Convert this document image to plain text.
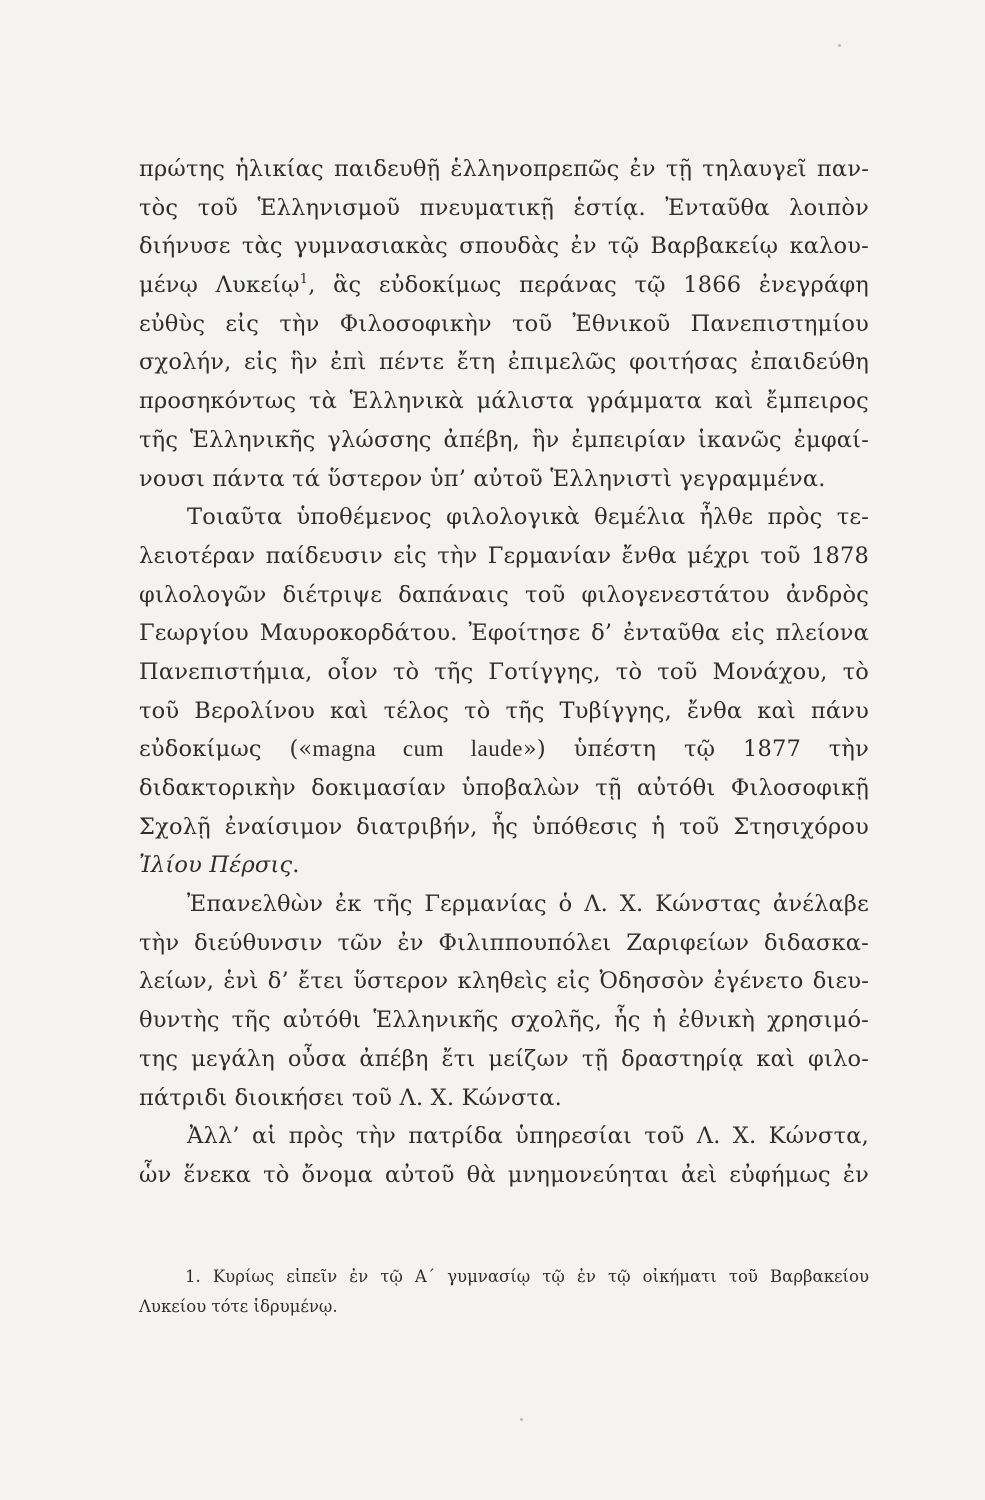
πρώτης ἡλικίας παιδευθῇ ἑλληνοπρεπῶς ἐν τῇ τηλαυγεῖ παν-
τὸς τοῦ Ἑλληνισμοῦ πνευματικῇ ἑστίᾳ. Ἐνταῦθα λοιπὸν
διήνυσε τὰς γυμνασιακὰς σπουδὰς ἐν τῷ Βαρβακείῳ καλου-
μένῳ Λυκείῳ$^1$, ἃς εὐδοκίμως περάνας τῷ 1866 ἐνεγράφη
εὐθὺς εἰς τὴν Φιλοσοφικὴν τοῦ Ἐθνικοῦ Πανεπιστημίου
σχολήν, εἰς ἣν ἐπὶ πέντε ἔτη ἐπιμελῶς φοιτήσας ἐπαιδεύθη
προσηκόντως τὰ Ἑλληνικὰ μάλιστα γράμματα καὶ ἔμπειρος
τῆς Ἑλληνικῆς γλώσσης ἀπέβη, ἣν ἐμπειρίαν ἱκανῶς ἐμφαί-
νουσι πάντα τά ὕστερον ὑπ’ αὐτοῦ Ἑλληνιστὶ γεγραμμένα.
Τοιαῦτα ὑποθέμενος φιλολογικὰ θεμέλια ἦλθε πρὸς τε-
λειοτέραν παίδευσιν εἰς τὴν Γερμανίαν ἔνθα μέχρι τοῦ 1878
φιλολογῶν διέτριψε δαπάναις τοῦ φιλογενεστάτου ἀνδρὸς
Γεωργίου Μαυροκορδάτου. Ἐφοίτησε δ’ ἐνταῦθα εἰς πλείονα
Πανεπιστήμια, οἷον τὸ τῆς Γοτίγγης, τὸ τοῦ Μονάχου, τὸ
τοῦ Βερολίνου καὶ τέλος τὸ τῆς Τυβίγγης, ἔνθα καὶ πάνυ
εὐδοκίμως («magna cum laude») ὑπέστη τῷ 1877 τὴν
διδακτορικὴν δοκιμασίαν ὑποβαλὼν τῇ αὐτόθι Φιλοσοφικῇ
Σχολῇ ἐναίσιμον διατριβήν, ἧς ὑπόθεσις ἡ τοῦ Στησιχόρου
Ἰλίου Πέρσις.
Ἐπανελθὼν ἐκ τῆς Γερμανίας ὁ Λ. Χ. Κώνστας ἀνέλαβε
τὴν διεύθυνσιν τῶν ἐν Φιλιππουπόλει Ζαριφείων διδασκα-
λείων, ἑνὶ δ’ ἔτει ὕστερον κληθεὶς εἰς Ὀδησσὸν ἐγένετο διευ-
θυντὴς τῆς αὐτόθι Ἑλληνικῆς σχολῆς, ἧς ἡ ἐθνικὴ χρησιμό-
της μεγάλη οὖσα ἀπέβη ἔτι μείζων τῇ δραστηρίᾳ καὶ φιλο-
πάτριδι διοικήσει τοῦ Λ. Χ. Κώνστα.
Ἀλλ’ αἱ πρὸς τὴν πατρίδα ὑπηρεσίαι τοῦ Λ. Χ. Κώνστα,
ὧν ἕνεκα τὸ ὄνομα αὐτοῦ θὰ μνημονεύηται ἀεὶ εὐφήμως ἐν
1. Κυρίως εἰπεῖν ἐν τῷ Α΄ γυμνασίῳ τῷ ἐν τῷ οἰκήματι τοῦ Βαρβακείου
Λυκείου τότε ἱδρυμένῳ.
